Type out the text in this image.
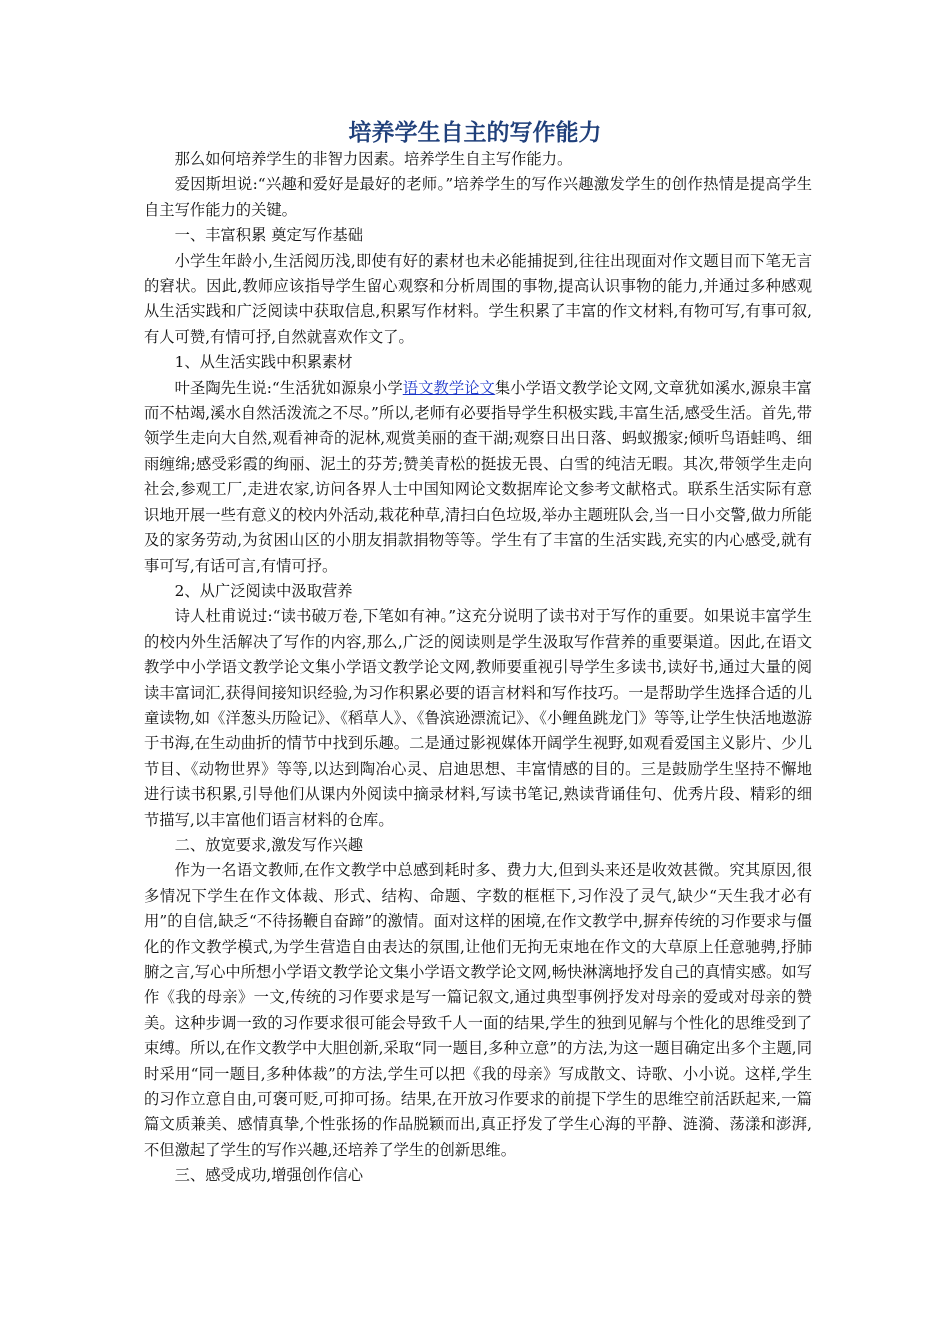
培养学生自主的写作能力

那么如何培养学生的非智力因素。培养学生自主写作能力。

爱因斯坦说:“兴趣和爱好是最好的老师。”培养学生的写作兴趣激发学生的创作热情是提高学生自主写作能力的关键。

一、丰富积累 奠定写作基础

小学生年龄小,生活阅历浅,即使有好的素材也未必能捕捉到,往往出现面对作文题目而下笔无言的窘状。因此,教师应该指导学生留心观察和分析周围的事物,提高认识事物的能力,并通过多种感观从生活实践和广泛阅读中获取信息,积累写作材料。学生积累了丰富的作文材料,有物可写,有事可叙,有人可赞,有情可抒,自然就喜欢作文了。

1、从生活实践中积累素材

叶圣陶先生说:“生活犹如源泉小学语文教学论文集小学语文教学论文网,文章犹如溪水,源泉丰富而不枯竭,溪水自然活泼流之不尽。”所以,老师有必要指导学生积极实践,丰富生活,感受生活。首先,带领学生走向大自然,观看神奇的泥林,观赏美丽的查干湖;观察日出日落、蚂蚁搬家;倾听鸟语蛙鸣、细雨缠绵;感受彩霞的绚丽、泥土的芬芳;赞美青松的挺拔无畏、白雪的纯洁无暇。其次,带领学生走向社会,参观工厂,走进农家,访问各界人士中国知网论文数据库论文参考文献格式。联系生活实际有意识地开展一些有意义的校内外活动,栽花种草,清扫白色垃圾,举办主题班队会,当一日小交警,做力所能及的家务劳动,为贫困山区的小朋友捐款捐物等等。学生有了丰富的生活实践,充实的内心感受,就有事可写,有话可言,有情可抒。

2、从广泛阅读中汲取营养

诗人杜甫说过:“读书破万卷,下笔如有神。”这充分说明了读书对于写作的重要。如果说丰富学生的校内外生活解决了写作的内容,那么,广泛的阅读则是学生汲取写作营养的重要渠道。因此,在语文教学中小学语文教学论文集小学语文教学论文网,教师要重视引导学生多读书,读好书,通过大量的阅读丰富词汇,获得间接知识经验,为习作积累必要的语言材料和写作技巧。一是帮助学生选择合适的儿童读物,如《洋葱头历险记》、《稻草人》、《鲁滨逊漂流记》、《小鲤鱼跳龙门》等等,让学生快活地遨游于书海,在生动曲折的情节中找到乐趣。二是通过影视媒体开阔学生视野,如观看爱国主义影片、少儿节目、《动物世界》等等,以达到陶冶心灵、启迪思想、丰富情感的目的。三是鼓励学生坚持不懈地进行读书积累,引导他们从课内外阅读中摘录材料,写读书笔记,熟读背诵佳句、优秀片段、精彩的细节描写,以丰富他们语言材料的仓库。

二、放宽要求,激发写作兴趣

作为一名语文教师,在作文教学中总感到耗时多、费力大,但到头来还是收效甚微。究其原因,很多情况下学生在作文体裁、形式、结构、命题、字数的框框下,习作没了灵气,缺少“天生我才必有用”的自信,缺乏“不待扬鞭自奋蹄”的激情。面对这样的困境,在作文教学中,摒弃传统的习作要求与僵化的作文教学模式,为学生营造自由表达的氛围,让他们无拘无束地在作文的大草原上任意驰骋,抒肺腑之言,写心中所想小学语文教学论文集小学语文教学论文网,畅快淋漓地抒发自己的真情实感。如写作《我的母亲》一文,传统的习作要求是写一篇记叙文,通过典型事例抒发对母亲的爱或对母亲的赞美。这种步调一致的习作要求很可能会导致千人一面的结果,学生的独到见解与个性化的思维受到了束缚。所以,在作文教学中大胆创新,采取“同一题目,多种立意”的方法,为这一题目确定出多个主题,同时采用“同一题目,多种体裁”的方法,学生可以把《我的母亲》写成散文、诗歌、小小说。这样,学生的习作立意自由,可褒可贬,可抑可扬。结果,在开放习作要求的前提下学生的思维空前活跃起来,一篇篇文质兼美、感情真挚,个性张扬的作品脱颖而出,真正抒发了学生心海的平静、涟漪、荡漾和澎湃,不但激起了学生的写作兴趣,还培养了学生的创新思维。

三、感受成功,增强创作信心
